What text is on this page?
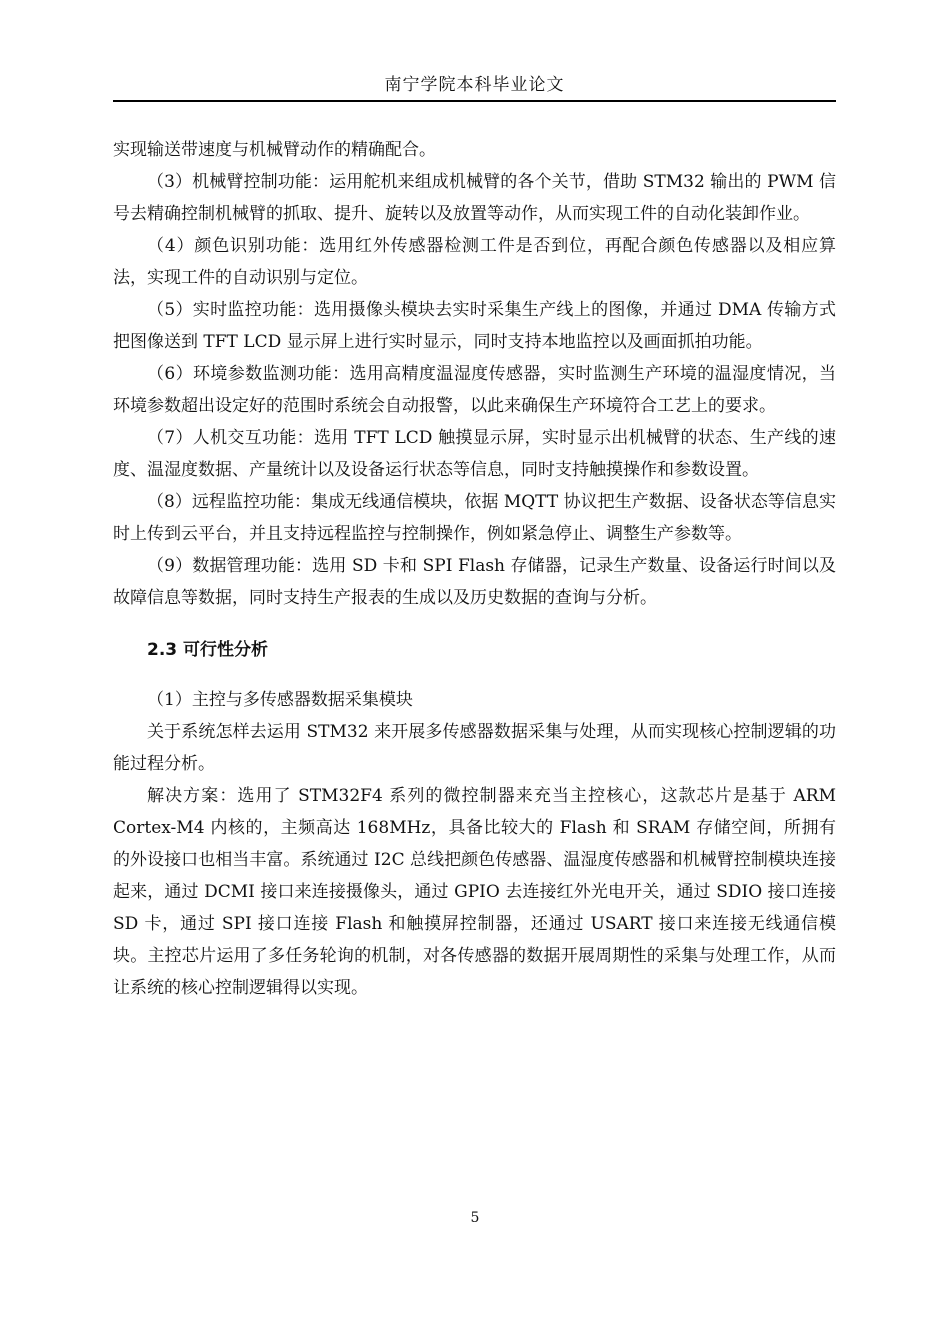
南宁学院本科毕业论文

实现输送带速度与机械臂动作的精确配合。

（3）机械臂控制功能：运用舵机来组成机械臂的各个关节，借助 STM32 输出的 PWM 信号去精确控制机械臂的抓取、提升、旋转以及放置等动作，从而实现工件的自动化装卸作业。

（4）颜色识别功能：选用红外传感器检测工件是否到位，再配合颜色传感器以及相应算法，实现工件的自动识别与定位。

（5）实时监控功能：选用摄像头模块去实时采集生产线上的图像，并通过 DMA 传输方式把图像送到 TFT LCD 显示屏上进行实时显示，同时支持本地监控以及画面抓拍功能。

（6）环境参数监测功能：选用高精度温湿度传感器，实时监测生产环境的温湿度情况，当环境参数超出设定好的范围时系统会自动报警，以此来确保生产环境符合工艺上的要求。

（7）人机交互功能：选用 TFT LCD 触摸显示屏，实时显示出机械臂的状态、生产线的速度、温湿度数据、产量统计以及设备运行状态等信息，同时支持触摸操作和参数设置。

（8）远程监控功能：集成无线通信模块，依据 MQTT 协议把生产数据、设备状态等信息实时上传到云平台，并且支持远程监控与控制操作，例如紧急停止、调整生产参数等。

（9）数据管理功能：选用 SD 卡和 SPI Flash 存储器，记录生产数量、设备运行时间以及故障信息等数据，同时支持生产报表的生成以及历史数据的查询与分析。

2.3 可行性分析

（1）主控与多传感器数据采集模块

关于系统怎样去运用 STM32 来开展多传感器数据采集与处理，从而实现核心控制逻辑的功能过程分析。

解决方案：选用了 STM32F4 系列的微控制器来充当主控核心，这款芯片是基于 ARM Cortex-M4 内核的，主频高达 168MHz，具备比较大的 Flash 和 SRAM 存储空间，所拥有的外设接口也相当丰富。系统通过 I2C 总线把颜色传感器、温湿度传感器和机械臂控制模块连接起来，通过 DCMI 接口来连接摄像头，通过 GPIO 去连接红外光电开关，通过 SDIO 接口连接 SD 卡，通过 SPI 接口连接 Flash 和触摸屏控制器，还通过 USART 接口来连接无线通信模块。主控芯片运用了多任务轮询的机制，对各传感器的数据开展周期性的采集与处理工作，从而让系统的核心控制逻辑得以实现。

5
